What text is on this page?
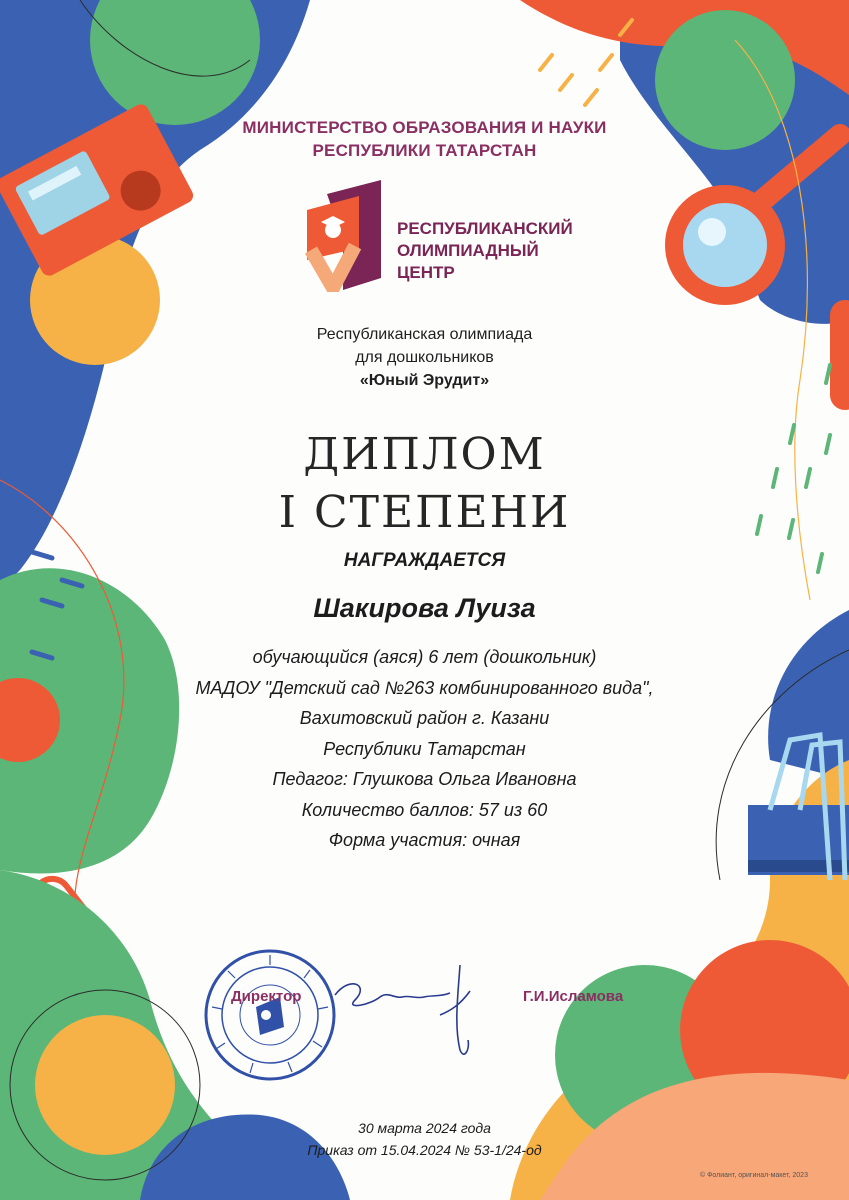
МИНИСТЕРСТВО ОБРАЗОВАНИЯ И НАУКИ
РЕСПУБЛИКИ ТАТАРСТАН
РЕСПУБЛИКАНСКИЙ
ОЛИМПИАДНЫЙ
ЦЕНТР
Республиканская олимпиада
для дошкольников
«Юный Эрудит»
ДИПЛОМ
I СТЕПЕНИ
НАГРАЖДАЕТСЯ
Шакирова Луиза
обучающийся (аяся) 6 лет (дошкольник)
МАДОУ "Детский сад №263 комбинированного вида",
Вахитовский район г. Казани
Республики Татарстан
Педагог: Глушкова Ольга Ивановна
Количество баллов: 57 из 60
Форма участия: очная
Директор	Г.И.Исламова
30 марта 2024 года
Приказ от 15.04.2024 № 53-1/24-од
© Фолиант, оригинал-макет, 2023
